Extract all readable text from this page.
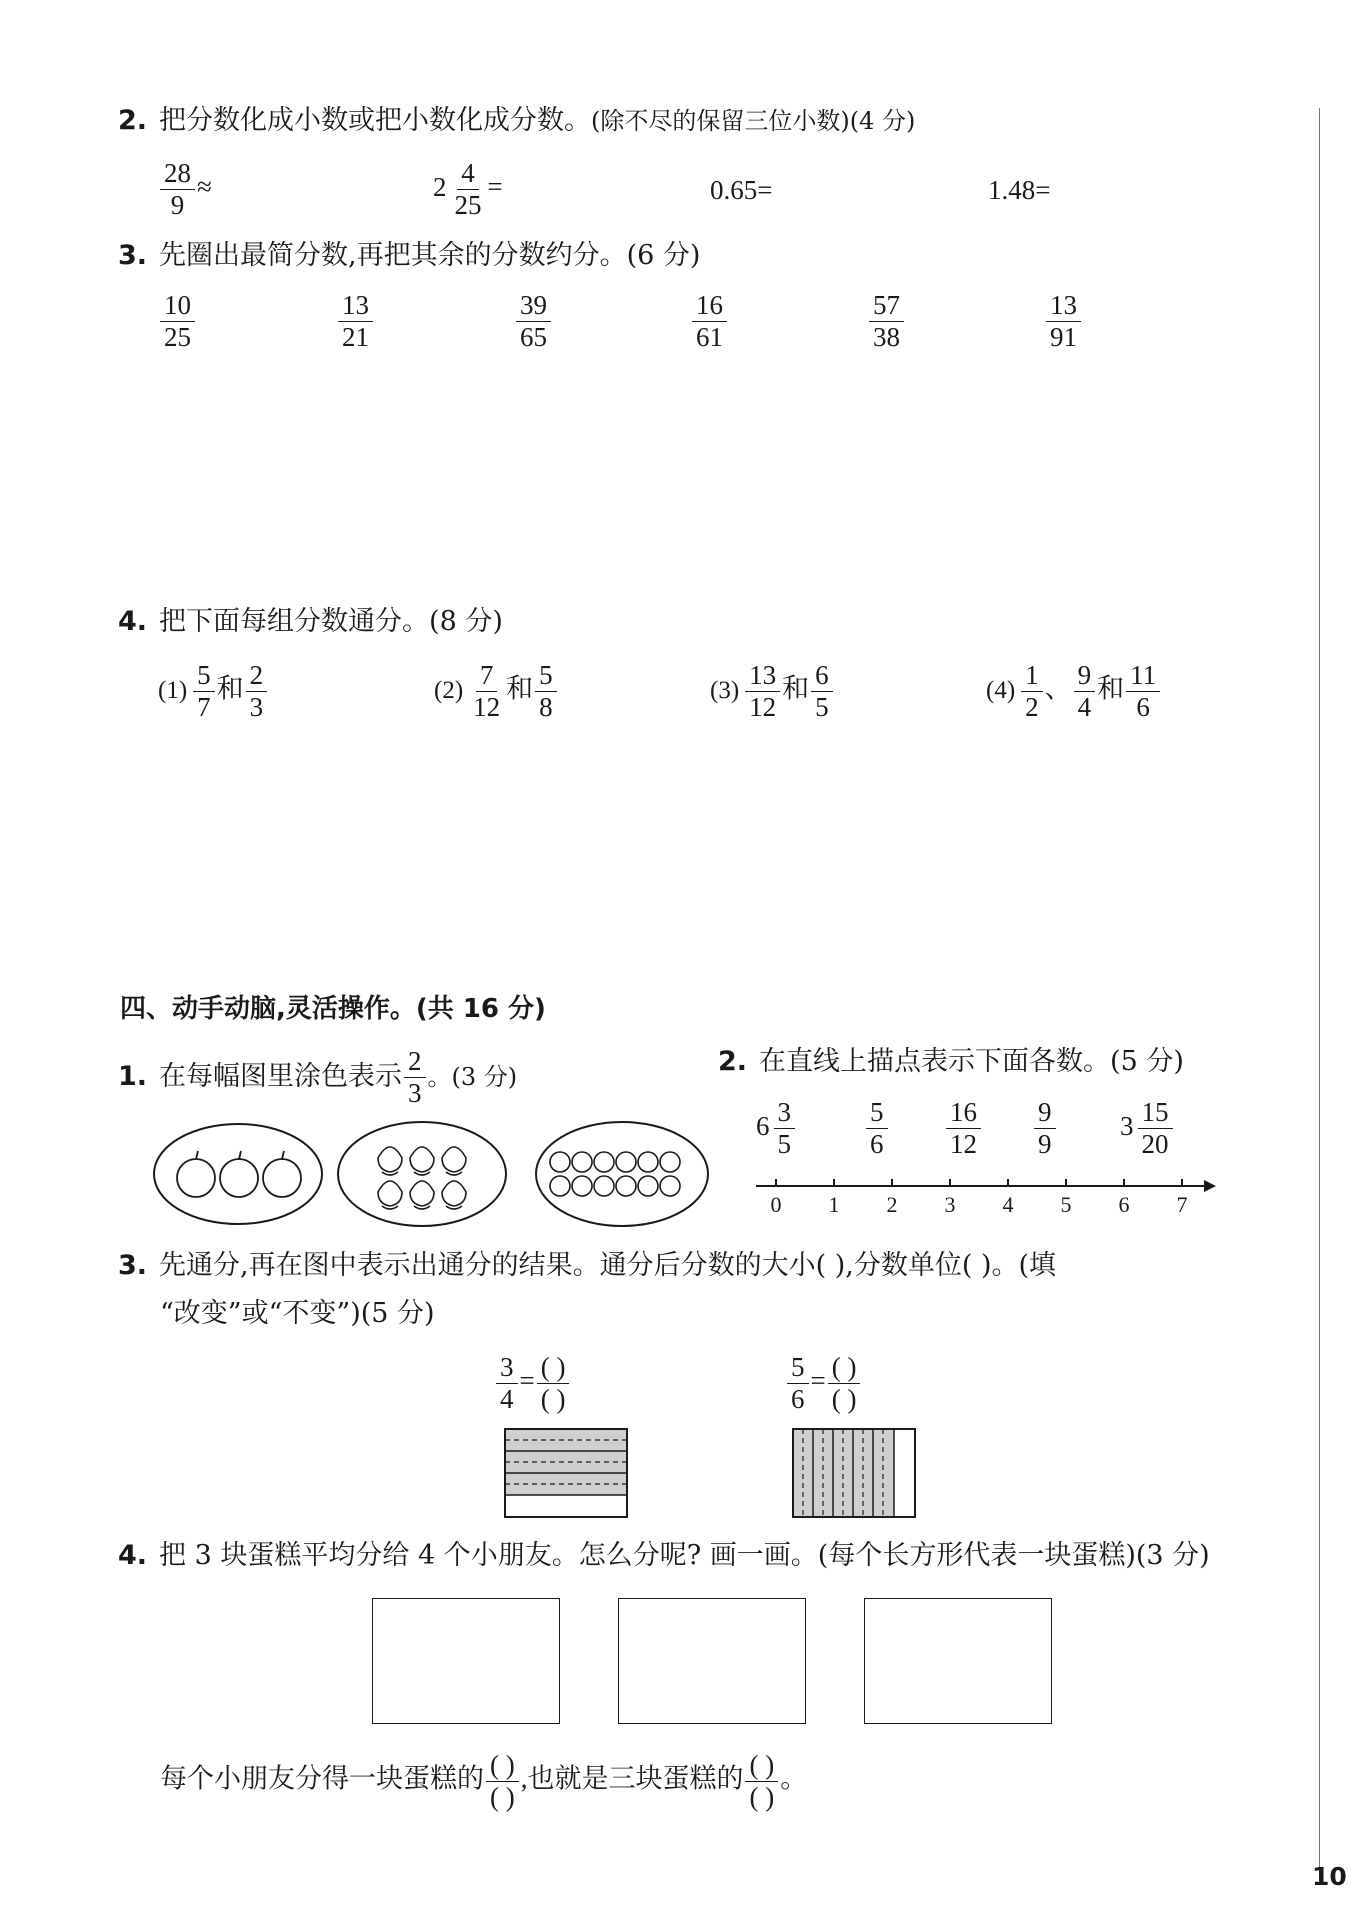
2. 把分数化成小数或把小数化成分数。(除不尽的保留三位小数)(4 分)
$\frac{28}{9}$ ≈	$2 \frac{4}{25}$ =	0.65=	1.48=
3. 先圈出最简分数,再把其余的分数约分。(6 分)
$\frac{10}{25}$	$\frac{13}{21}$	$\frac{39}{65}$	$\frac{16}{61}$	$\frac{57}{38}$	$\frac{13}{91}$
4. 把下面每组分数通分。(8 分)
$(1) \frac{5}{7}$ 和 $\frac{2}{3}$	$(2) \frac{7}{12}$ 和 $\frac{5}{8}$	$(3) \frac{13}{12}$ 和 $\frac{6}{5}$	$(4) \frac{1}{2}$ 、 $\frac{9}{4}$ 和 $\frac{11}{6}$
四、动手动脑,灵活操作。(共 16 分)
1. 在每幅图里涂色表示 $\frac{2}{3}$ 。(3 分)	2. 在直线上描点表示下面各数。(5 分)
$6 \frac{3}{5}$	$\frac{5}{6} \frac{16}{12} \frac{9}{9} 3 \frac{15}{20}$
0 1 2 3 4 5 6 7
3. 先通分,再在图中表示出通分的结果。通分后分数的大小( ),分数单位( )。(填
“改变”或“不变”)(5 分)
$\frac{3}{4} = \frac{( )}{( )}$	$\frac{5}{6} = \frac{( )}{( )}$
4. 把 3 块蛋糕平均分给 4 个小朋友。怎么分呢? 画一画。(每个长方形代表一块蛋糕)(3 分)
每个小朋友分得一块蛋糕的 $\frac{( )}{( )}$ ,也就是三块蛋糕的 $\frac{( )}{( )}$ 。
10
